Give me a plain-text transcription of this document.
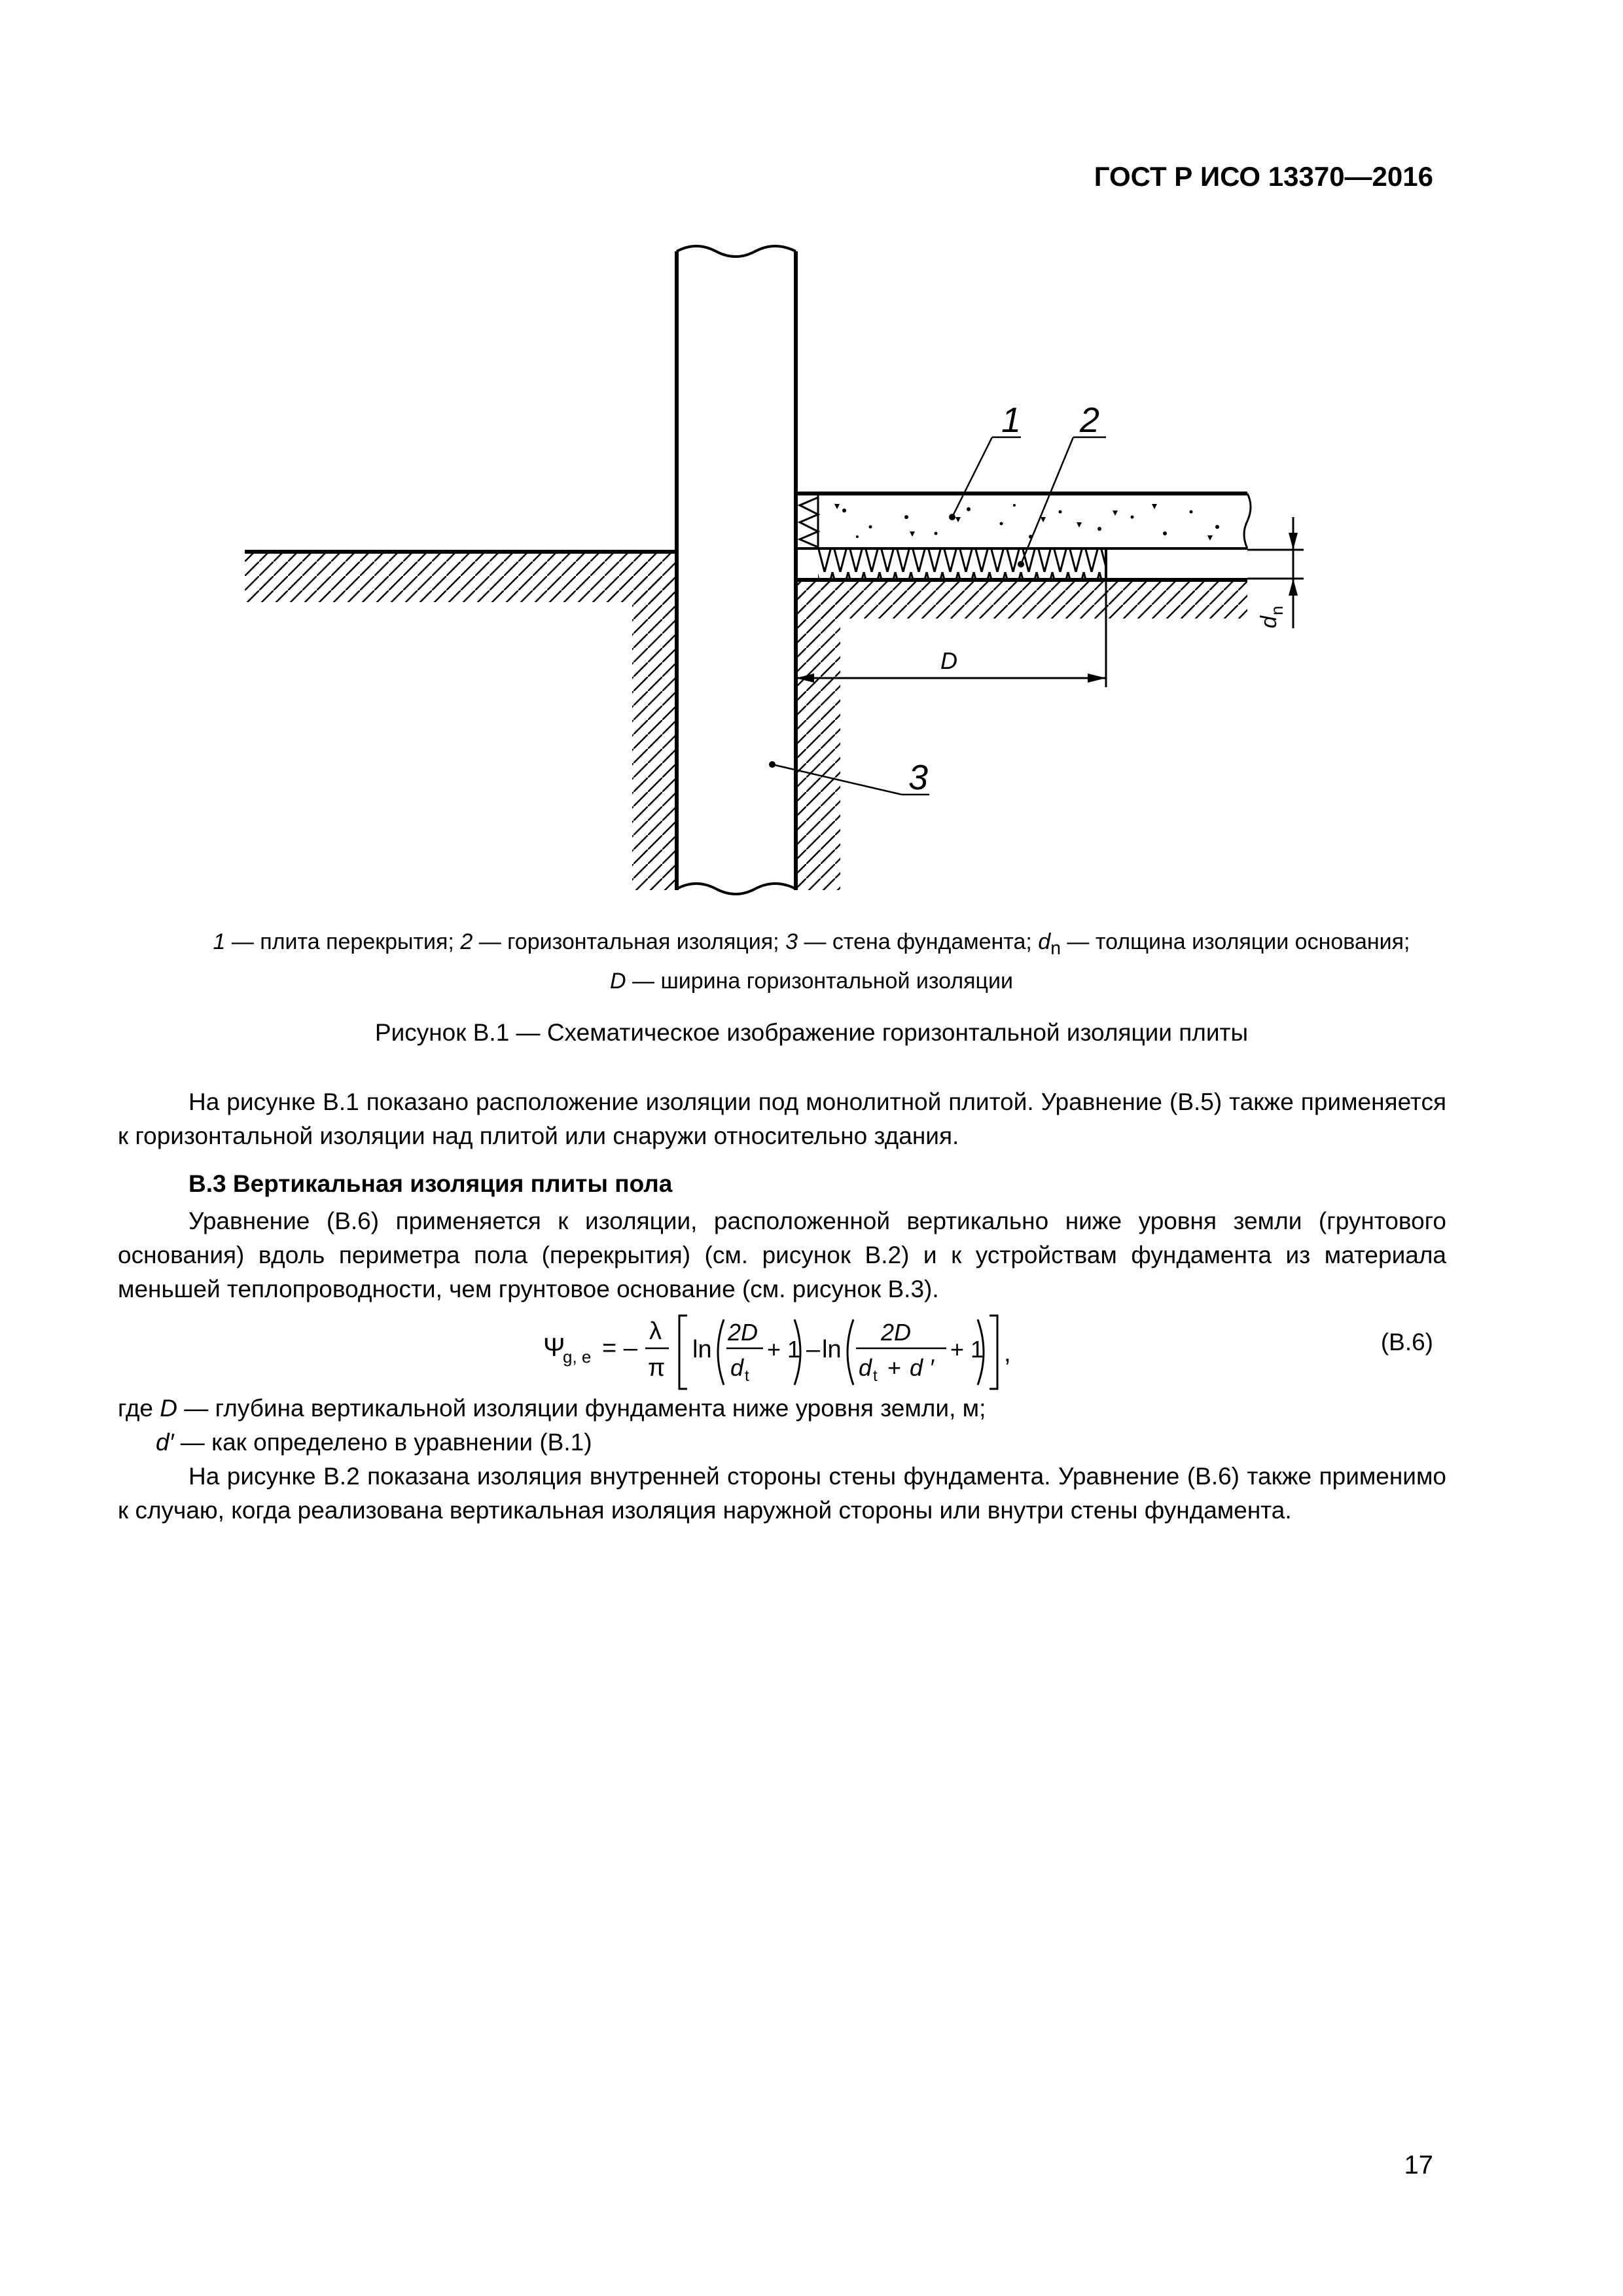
ГОСТ Р ИСО 13370—2016
D
d
n
1 2
3
1 — плита перекрытия; 2 — горизонтальная изоляция; 3 — стена фундамента; $d_n$ — толщина изоляции основания;
D — ширина горизонтальной изоляции
Рисунок В.1 — Схематическое изображение горизонтальной изоляции плиты
На рисунке В.1 показано расположение изоляции под монолитной плитой. Уравнение (В.5) также применяется к горизонтальной изоляции над плитой или снаружи относительно здания.
В.3 Вертикальная изоляция плиты пола
Уравнение (В.6) применяется к изоляции, расположенной вертикально ниже уровня земли (грунтового основания) вдоль периметра пола (перекрытия) (см. рисунок В.2) и к устройствам фундамента из материала меньшей теплопроводности, чем грунтовое основание (см. рисунок В.3).
Ψ
g, e = –
λ
π
ln
2D
d t
+ 1 – ln
2D
d t + d ′
+ 1 ,	(В.6)
где D — глубина вертикальной изоляции фундамента ниже уровня земли, м;
d′ — как определено в уравнении (В.1)
На рисунке В.2 показана изоляция внутренней стороны стены фундамента. Уравнение (В.6) также применимо к случаю, когда реализована вертикальная изоляция наружной стороны или внутри стены фундамента.
17
